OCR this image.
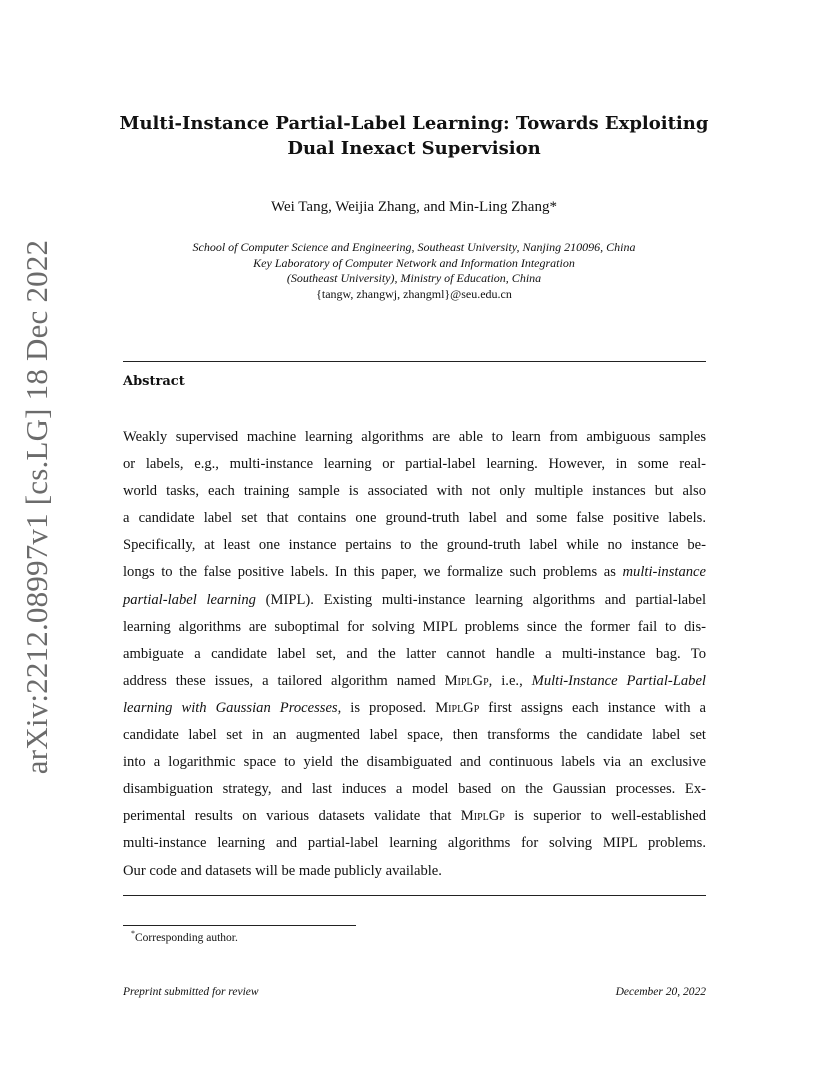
arXiv:2212.08997v1 [cs.LG] 18 Dec 2022
Multi-Instance Partial-Label Learning: Towards Exploiting
Dual Inexact Supervision
Wei Tang, Weijia Zhang, and Min-Ling Zhang*
School of Computer Science and Engineering, Southeast University, Nanjing 210096, China
Key Laboratory of Computer Network and Information Integration
(Southeast University), Ministry of Education, China
{tangw, zhangwj, zhangml}@seu.edu.cn
Abstract
Weakly supervised machine learning algorithms are able to learn from ambiguous samples
or labels, e.g., multi-instance learning or partial-label learning. However, in some real-
world tasks, each training sample is associated with not only multiple instances but also
a candidate label set that contains one ground-truth label and some false positive labels.
Specifically, at least one instance pertains to the ground-truth label while no instance be-
longs to the false positive labels. In this paper, we formalize such problems as multi-instance
partial-label learning (MIPL). Existing multi-instance learning algorithms and partial-label
learning algorithms are suboptimal for solving MIPL problems since the former fail to dis-
ambiguate a candidate label set, and the latter cannot handle a multi-instance bag. To
address these issues, a tailored algorithm named MiplGp, i.e., Multi-Instance Partial-Label
learning with Gaussian Processes, is proposed. MiplGp first assigns each instance with a
candidate label set in an augmented label space, then transforms the candidate label set
into a logarithmic space to yield the disambiguated and continuous labels via an exclusive
disambiguation strategy, and last induces a model based on the Gaussian processes. Ex-
perimental results on various datasets validate that MiplGp is superior to well-established
multi-instance learning and partial-label learning algorithms for solving MIPL problems.
Our code and datasets will be made publicly available.
*Corresponding author.
Preprint submitted for review	December 20, 2022
